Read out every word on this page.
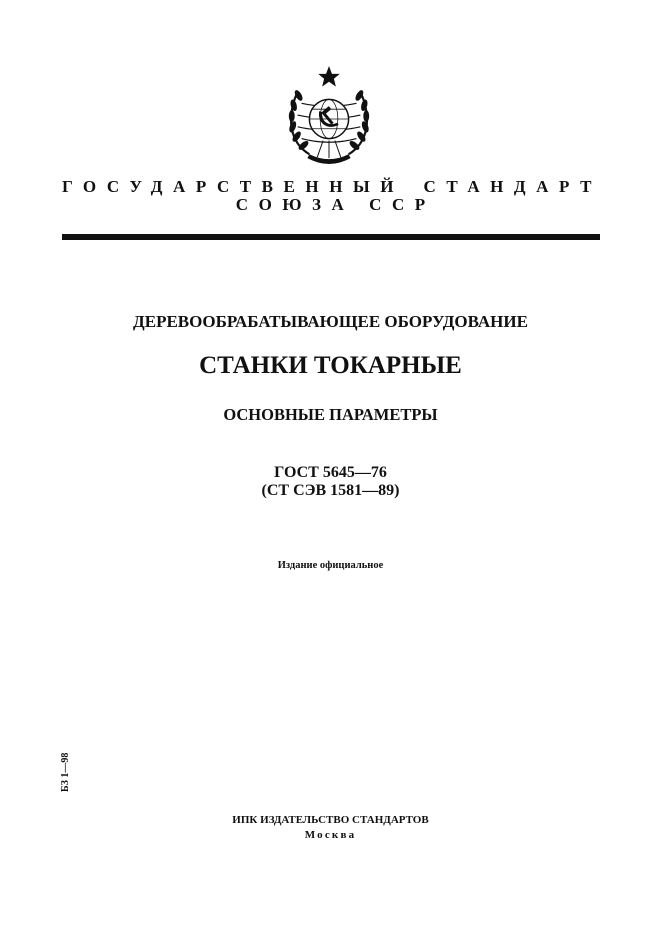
ГОСУДАРСТВЕННЫЙ СТАНДАРТ
СОЮЗА ССР
ДЕРЕВООБРАБАТЫВАЮЩЕЕ ОБОРУДОВАНИЕ
СТАНКИ ТОКАРНЫЕ
ОСНОВНЫЕ ПАРАМЕТРЫ
ГОСТ 5645—76
(СТ СЭВ 1581—89)
Издание официальное
БЗ 1—98
ИПК ИЗДАТЕЛЬСТВО СТАНДАРТОВ
Москва
